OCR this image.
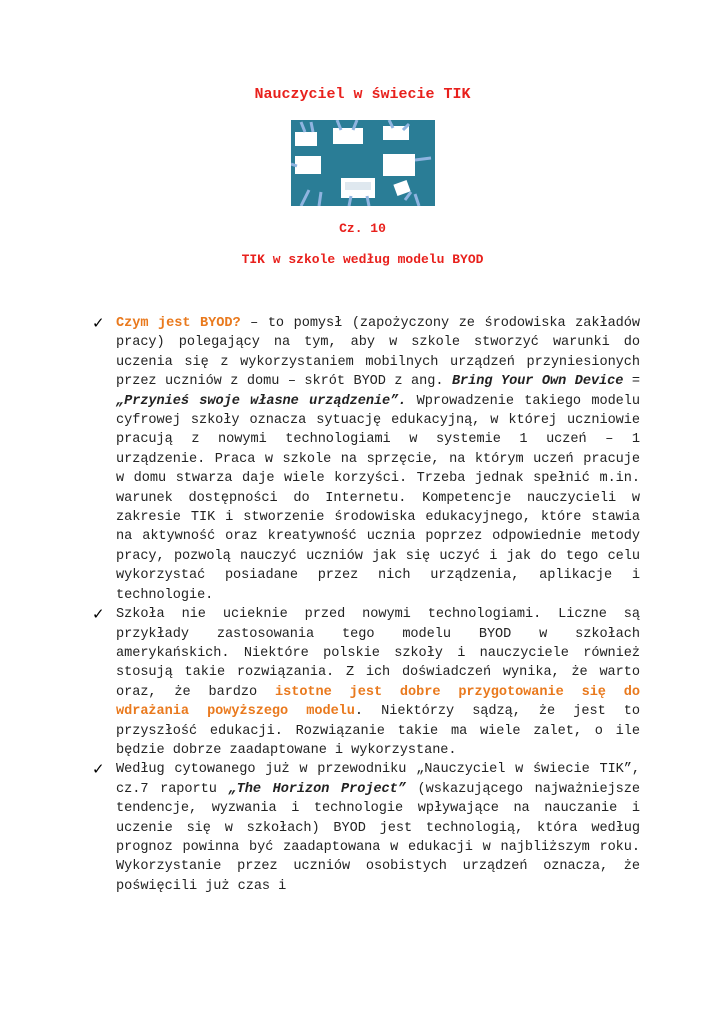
Nauczyciel w świecie TIK
Cz. 10
TIK w szkole według modelu BYOD
✓ Czym jest BYOD? – to pomysł (zapożyczony ze środowiska zakładów pracy) polegający na tym, aby w szkole stworzyć warunki do uczenia się z wykorzystaniem mobilnych urządzeń przyniesionych przez uczniów z domu – skrót BYOD z ang. Bring Your Own Device = „Przynieś swoje własne urządzenie”. Wprowadzenie takiego modelu cyfrowej szkoły oznacza sytuację edukacyjną, w której uczniowie pracują z nowymi technologiami w systemie 1 uczeń – 1 urządzenie. Praca w szkole na sprzęcie, na którym uczeń pracuje w domu stwarza daje wiele korzyści. Trzeba jednak spełnić m.in. warunek dostępności do Internetu. Kompetencje nauczycieli w zakresie TIK i stworzenie środowiska edukacyjnego, które stawia na aktywność oraz kreatywność ucznia poprzez odpowiednie metody pracy, pozwolą nauczyć uczniów jak się uczyć i jak do tego celu wykorzystać posiadane przez nich urządzenia, aplikacje i technologie.
✓ Szkoła nie ucieknie przed nowymi technologiami. Liczne są przykłady zastosowania tego modelu BYOD w szkołach amerykańskich. Niektóre polskie szkoły i nauczyciele również stosują takie rozwiązania. Z ich doświadczeń wynika, że warto oraz, że bardzo istotne jest dobre przygotowanie się do wdrażania powyższego modelu. Niektórzy sądzą, że jest to przyszłość edukacji. Rozwiązanie takie ma wiele zalet, o ile będzie dobrze zaadaptowane i wykorzystane.
✓ Według cytowanego już w przewodniku „Nauczyciel w świecie TIK”, cz.7 raportu „The Horizon Project” (wskazującego najważniejsze tendencje, wyzwania i technologie wpływające na nauczanie i uczenie się w szkołach) BYOD jest technologią, która według prognoz powinna być zaadaptowana w edukacji w najbliższym roku. Wykorzystanie przez uczniów osobistych urządzeń oznacza, że poświęcili już czas i
